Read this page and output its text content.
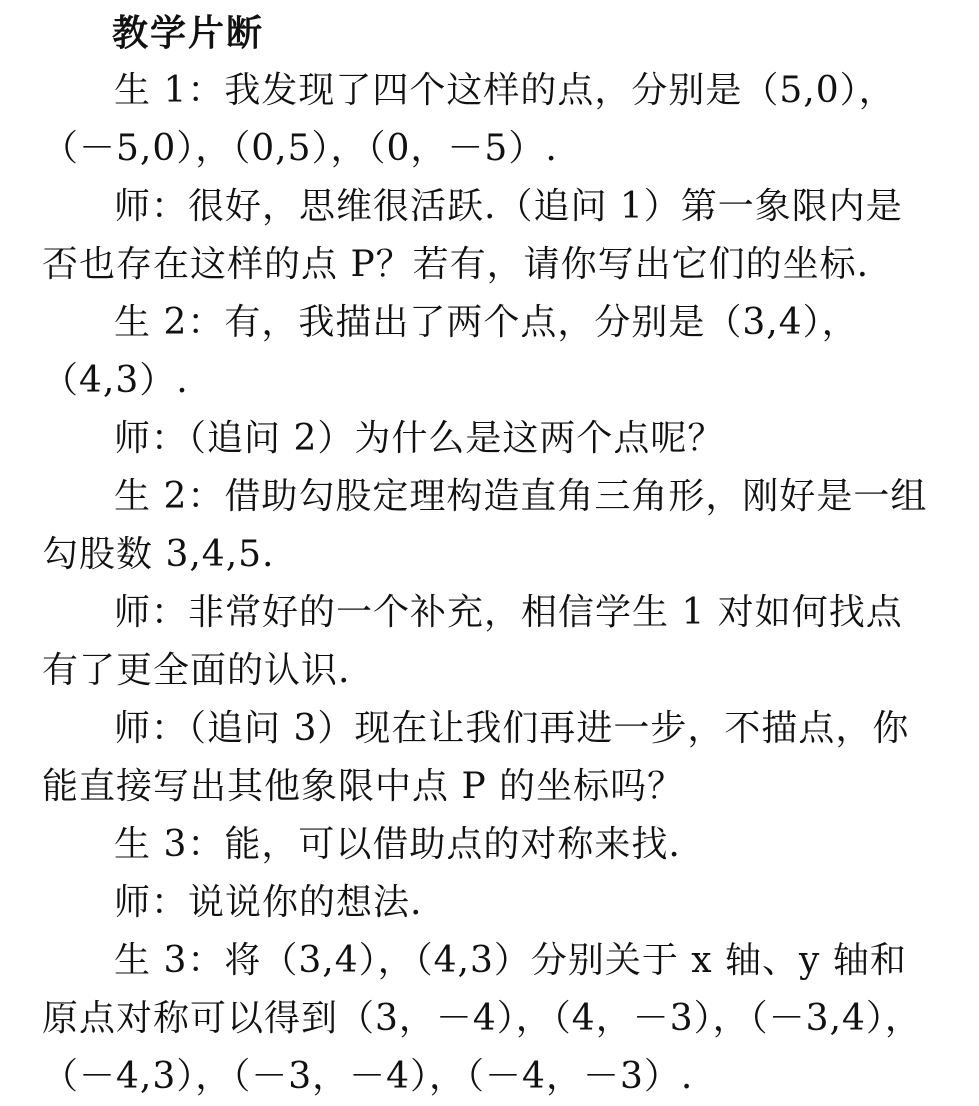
教学片断

生 1：我发现了四个这样的点，分别是（5,0），（－5,0），（0,5），（0，－5）.

师：很好，思维很活跃.（追问 1）第一象限内是否也存在这样的点 P？若有，请你写出它们的坐标.

生 2：有，我描出了两个点，分别是（3,4），（4,3）.

师：（追问 2）为什么是这两个点呢？

生 2：借助勾股定理构造直角三角形，刚好是一组勾股数 3,4,5.

师：非常好的一个补充，相信学生 1 对如何找点有了更全面的认识.

师：（追问 3）现在让我们再进一步，不描点，你能直接写出其他象限中点 P 的坐标吗？

生 3：能，可以借助点的对称来找.

师：说说你的想法.

生 3：将（3,4），（4,3）分别关于 x 轴、y 轴和原点对称可以得到（3，－4），（4，－3），（－3,4），（－4,3），（－3，－4），（－4，－3）.
